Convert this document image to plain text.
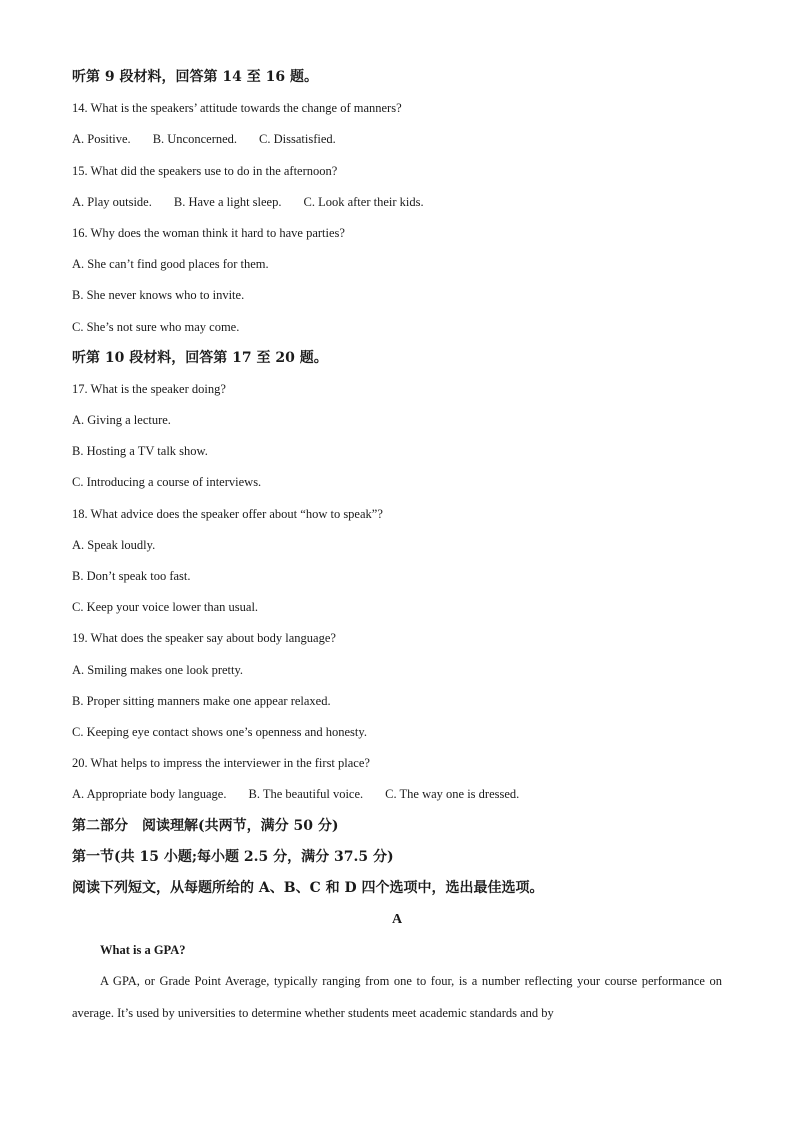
听第 9 段材料，回答第 14 至 16 题。
14. What is the speakers’ attitude towards the change of manners?
A. Positive. B. Unconcerned. C. Dissatisfied.
15. What did the speakers use to do in the afternoon?
A. Play outside. B. Have a light sleep. C. Look after their kids.
16. Why does the woman think it hard to have parties?
A. She can’t find good places for them.
B. She never knows who to invite.
C. She’s not sure who may come.
听第 10 段材料，回答第 17 至 20 题。
17. What is the speaker doing?
A. Giving a lecture.
B. Hosting a TV talk show.
C. Introducing a course of interviews.
18. What advice does the speaker offer about “how to speak”?
A. Speak loudly.
B. Don’t speak too fast.
C. Keep your voice lower than usual.
19. What does the speaker say about body language?
A. Smiling makes one look pretty.
B. Proper sitting manners make one appear relaxed.
C. Keeping eye contact shows one’s openness and honesty.
20. What helps to impress the interviewer in the first place?
A. Appropriate body language. B. The beautiful voice. C. The way one is dressed.
第二部分　阅读理解(共两节，满分 50 分)
第一节(共 15 小题;每小题 2.5 分，满分 37.5 分)
阅读下列短文，从每题所给的 A、B、C 和 D 四个选项中，选出最佳选项。
A
What is a GPA?
A GPA, or Grade Point Average, typically ranging from one to four, is a number reflecting your course performance on average. It’s used by universities to determine whether students meet academic standards and by
